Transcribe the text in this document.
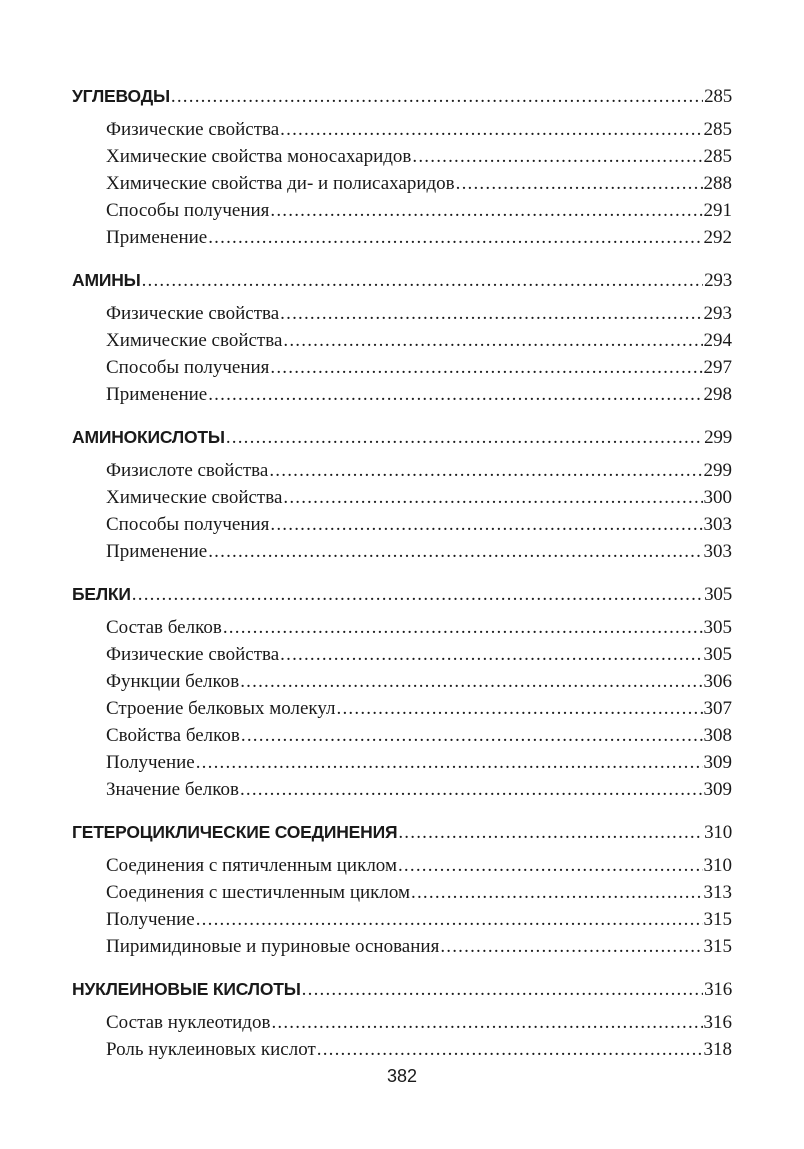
УГЛЕВОДЫ .....	285
Физические свойства .....	285
Химические свойства моносахаридов .....	285
Химические свойства ди- и полисахаридов .....	288
Способы получения .....	291
Применение .....	292
АМИНЫ .....	293
Физические свойства .....	293
Химические свойства .....	294
Способы получения .....	297
Применение .....	298
АМИНОКИСЛОТЫ .....	299
Физислоте свойства .....	299
Химические свойства .....	300
Способы получения .....	303
Применение .....	303
БЕЛКИ .....	305
Состав белков .....	305
Физические свойства .....	305
Функции белков .....	306
Строение белковых молекул .....	307
Свойства белков .....	308
Получение .....	309
Значение белков .....	309
ГЕТЕРОЦИКЛИЧЕСКИЕ СОЕДИНЕНИЯ .....	310
Соединения с пятичленным циклом .....	310
Соединения с шестичленным циклом .....	313
Получение .....	315
Пиримидиновые и пуриновые основания .....	315
НУКЛЕИНОВЫЕ КИСЛОТЫ .....	316
Состав нуклеотидов .....	316
Роль нуклеиновых кислот .....	318
382
